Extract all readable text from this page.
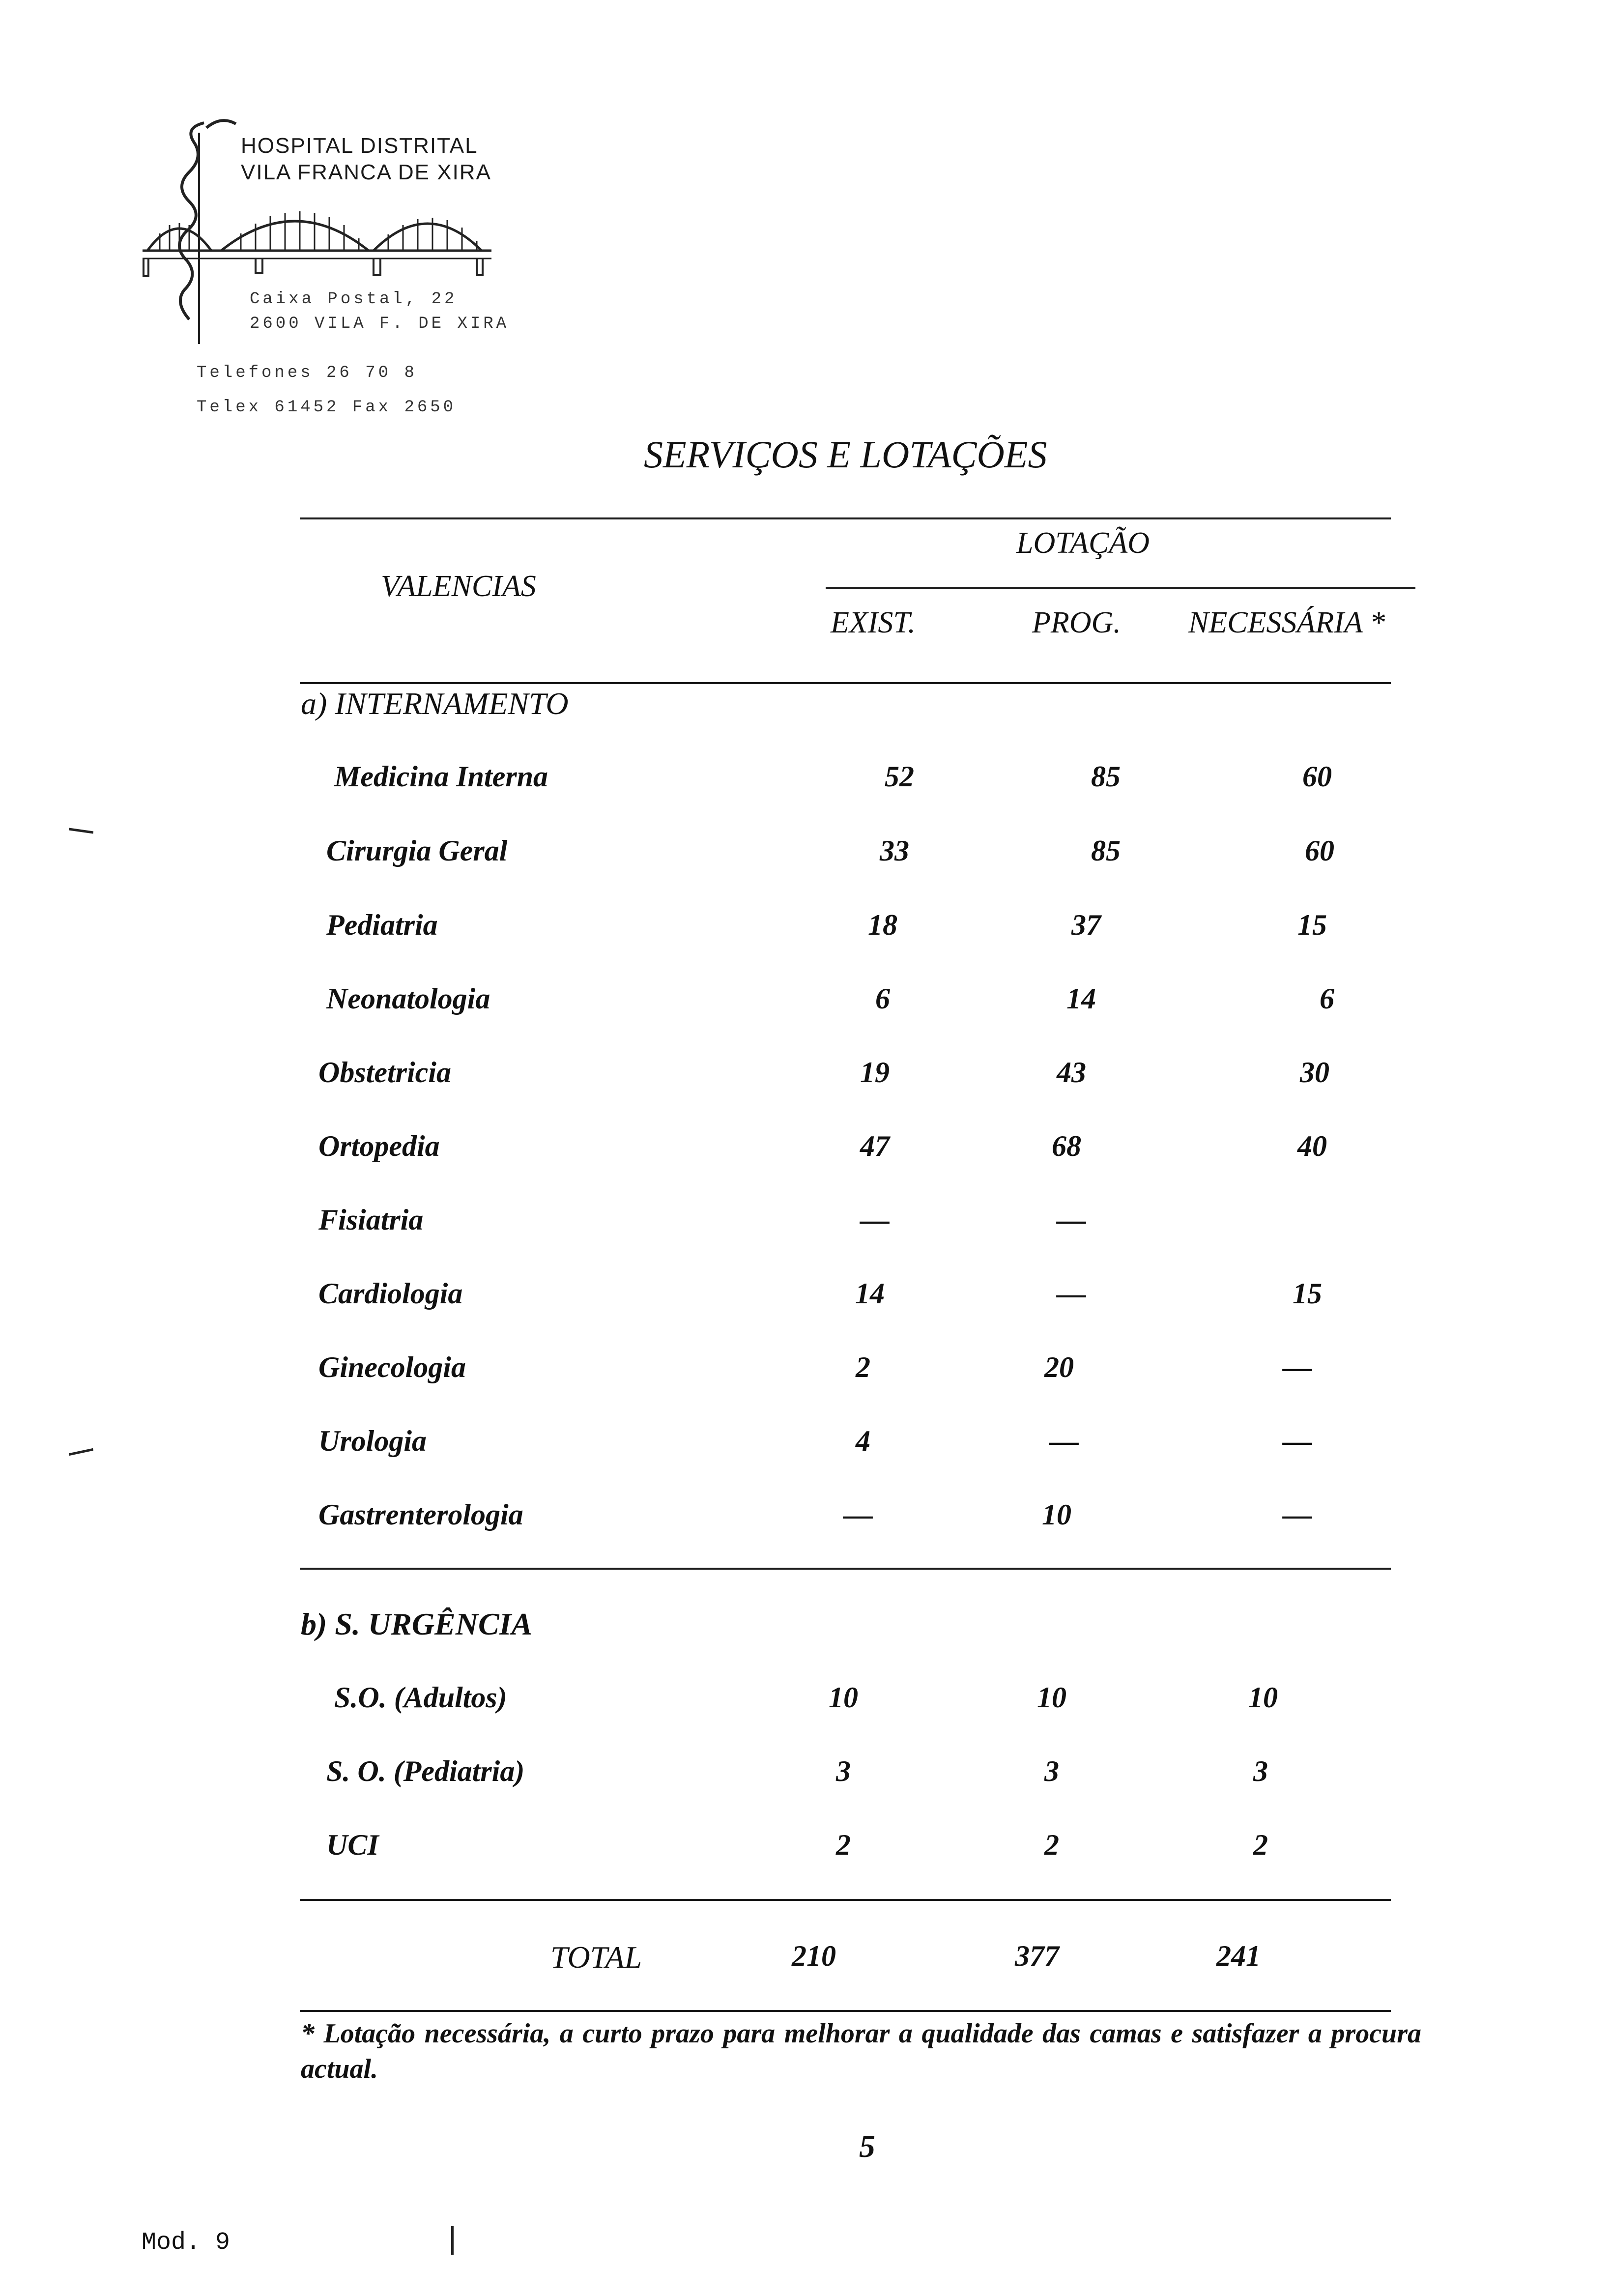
HOSPITAL DISTRITAL
VILA FRANCA DE XIRA
Caixa Postal, 22
2600 VILA F. DE XIRA
Telefones 26 70 8
Telex 61452 Fax 2650
SERVIÇOS E LOTAÇÕES
VALENCIAS
LOTAÇÃO
EXIST.	PROG. NECESSÁRIA *
a) INTERNAMENTO
Medicina Interna	52	85	60
Cirurgia Geral	33	85	60
Pediatria	18	37	15
Neonatologia	6	14	6
Obstetricia	19	43	30
Ortopedia	47	68	40
Fisiatria	—	—
Cardiologia	14	—	15
Ginecologia	2	20	—
Urologia	4	—	—
Gastrenterologia	—	10	—
b) S. URGÊNCIA
S.O. (Adultos)	10	10	10
S. O. (Pediatria)	3	3	3
UCI	2	2	2
TOTAL	210	377	241
* Lotação necessária, a curto prazo para melhorar a qualidade das camas e satisfazer a procura actual.
5
Mod. 9
